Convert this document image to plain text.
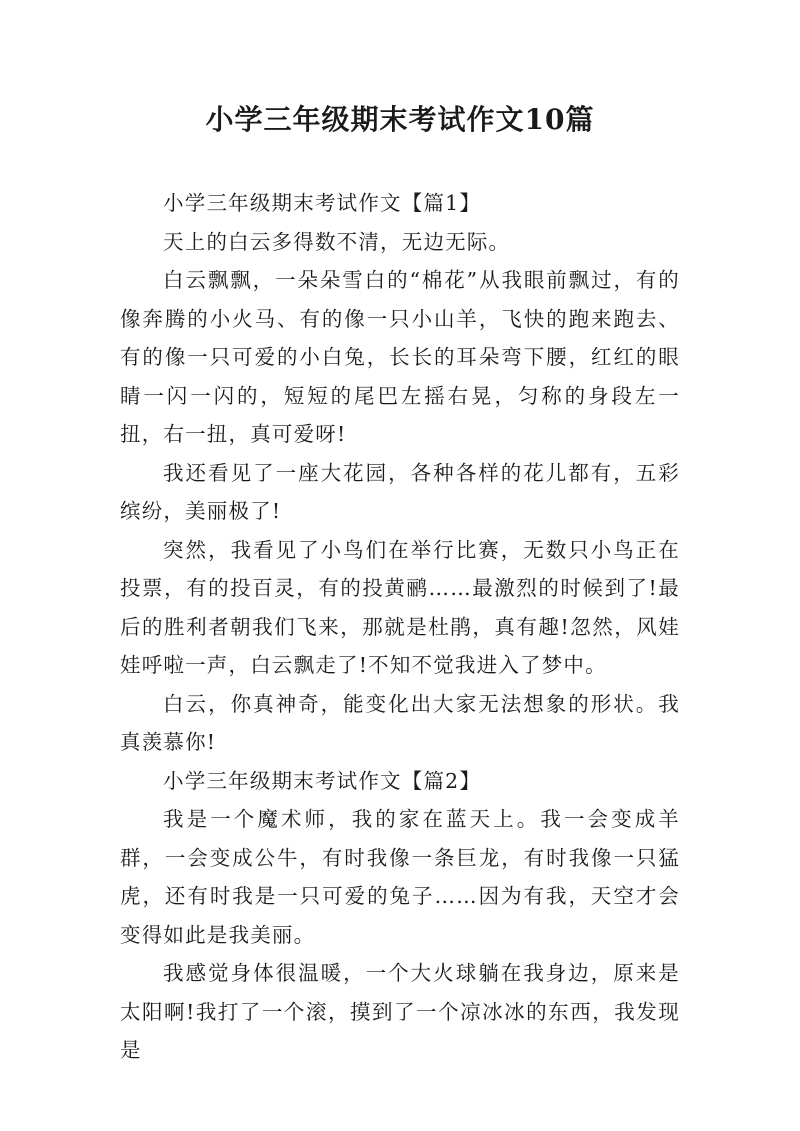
小学三年级期末考试作文10篇

小学三年级期末考试作文【篇1】

天上的白云多得数不清，无边无际。

白云飘飘，一朵朵雪白的“棉花”从我眼前飘过，有的像奔腾的小火马、有的像一只小山羊，飞快的跑来跑去、有的像一只可爱的小白兔，长长的耳朵弯下腰，红红的眼睛一闪一闪的，短短的尾巴左摇右晃，匀称的身段左一扭，右一扭，真可爱呀!

我还看见了一座大花园，各种各样的花儿都有，五彩缤纷，美丽极了!

突然，我看见了小鸟们在举行比赛，无数只小鸟正在投票，有的投百灵，有的投黄鹂……最激烈的时候到了!最后的胜利者朝我们飞来，那就是杜鹃，真有趣!忽然，风娃娃呼啦一声，白云飘走了!不知不觉我进入了梦中。

白云，你真神奇，能变化出大家无法想象的形状。我真羡慕你!

小学三年级期末考试作文【篇2】

我是一个魔术师，我的家在蓝天上。我一会变成羊群，一会变成公牛，有时我像一条巨龙，有时我像一只猛虎，还有时我是一只可爱的兔子……因为有我，天空才会变得如此是我美丽。

我感觉身体很温暖，一个大火球躺在我身边，原来是太阳啊!我打了一个滚，摸到了一个凉冰冰的东西，我发现是
